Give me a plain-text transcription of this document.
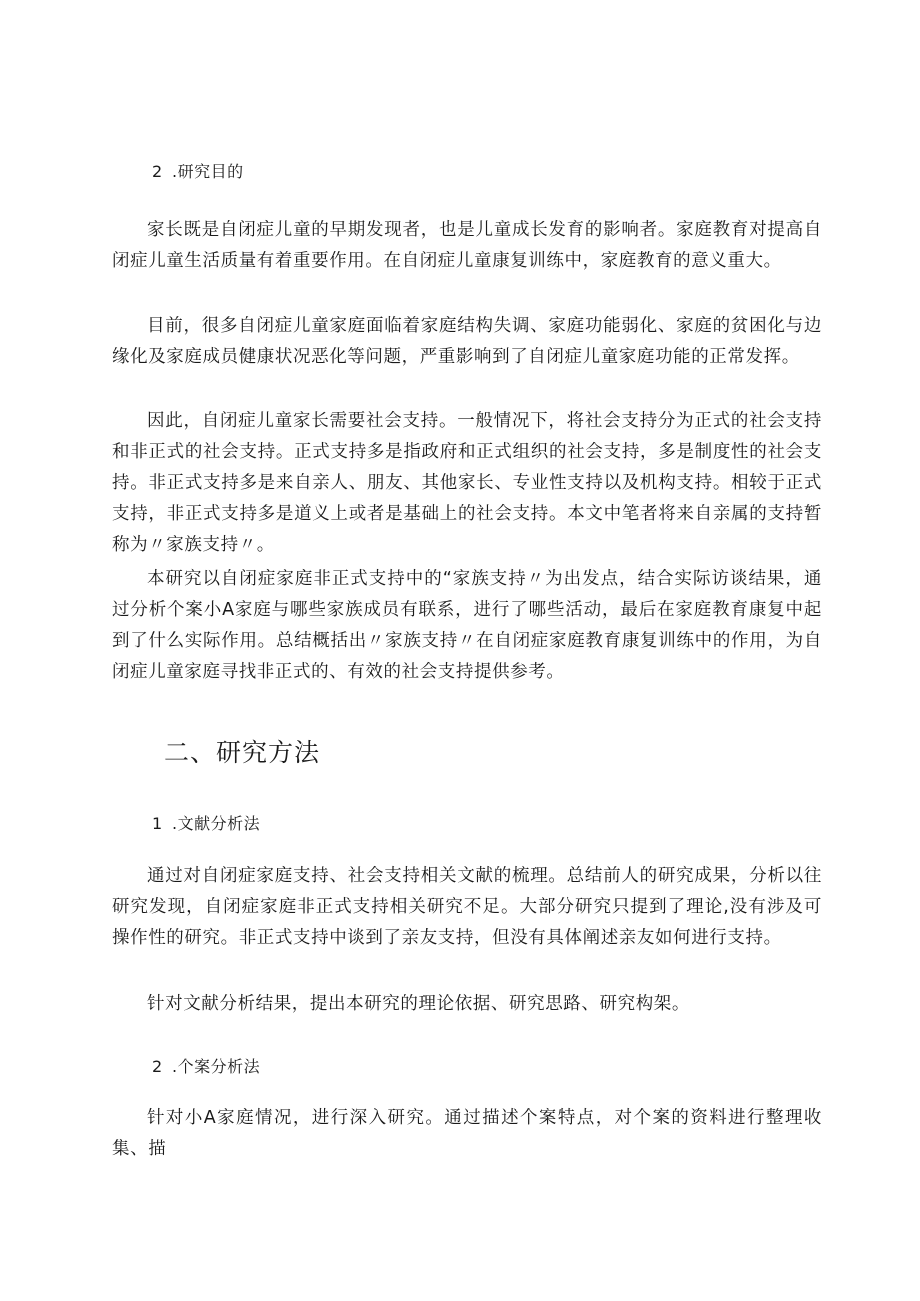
2 .研究目的

家长既是自闭症儿童的早期发现者，也是儿童成长发育的影响者。家庭教育对提高自闭症儿童生活质量有着重要作用。在自闭症儿童康复训练中，家庭教育的意义重大。

目前，很多自闭症儿童家庭面临着家庭结构失调、家庭功能弱化、家庭的贫困化与边缘化及家庭成员健康状况恶化等问题，严重影响到了自闭症儿童家庭功能的正常发挥。

因此，自闭症儿童家长需要社会支持。一般情况下，将社会支持分为正式的社会支持和非正式的社会支持。正式支持多是指政府和正式组织的社会支持，多是制度性的社会支持。非正式支持多是来自亲人、朋友、其他家长、专业性支持以及机构支持。相较于正式支持，非正式支持多是道义上或者是基础上的社会支持。本文中笔者将来自亲属的支持暂称为〃家族支持〃。

本研究以自闭症家庭非正式支持中的“家族支持〃为出发点，结合实际访谈结果，通过分析个案小A家庭与哪些家族成员有联系，进行了哪些活动，最后在家庭教育康复中起到了什么实际作用。总结概括出〃家族支持〃在自闭症家庭教育康复训练中的作用，为自闭症儿童家庭寻找非正式的、有效的社会支持提供参考。

二、研究方法
1 .文献分析法

通过对自闭症家庭支持、社会支持相关文献的梳理。总结前人的研究成果，分析以往研究发现，自闭症家庭非正式支持相关研究不足。大部分研究只提到了理论,没有涉及可操作性的研究。非正式支持中谈到了亲友支持，但没有具体阐述亲友如何进行支持。

针对文献分析结果，提出本研究的理论依据、研究思路、研究构架。

2 .个案分析法

针对小A家庭情况，进行深入研究。通过描述个案特点，对个案的资料进行整理收集、描
